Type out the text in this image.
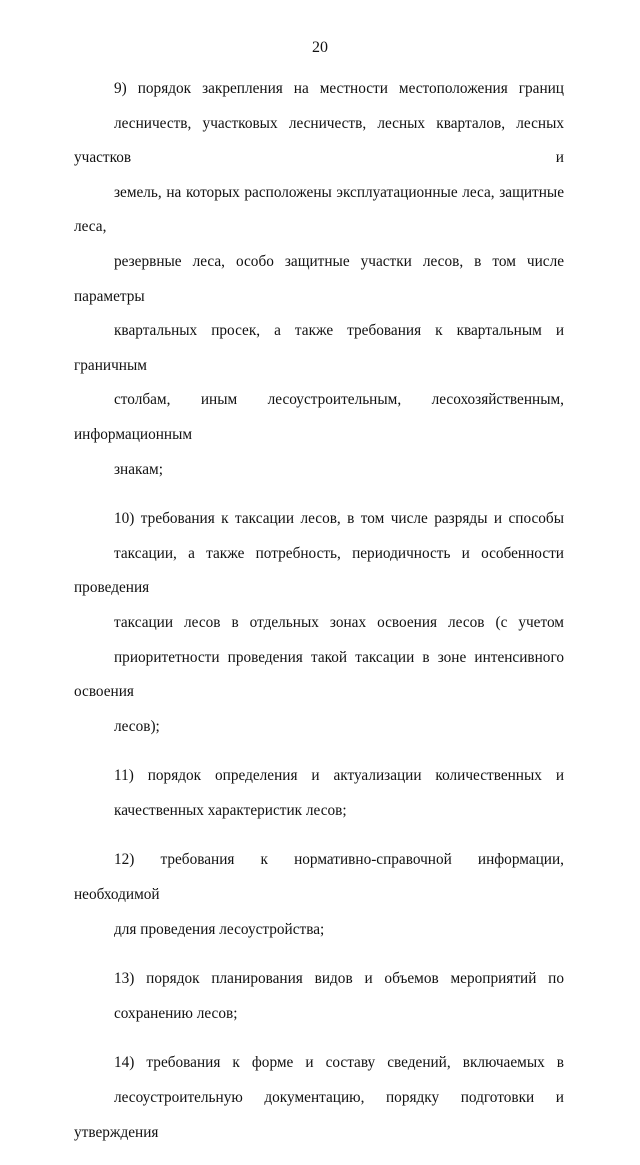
20
9) порядок закрепления на местности местоположения границ
лесничеств, участковых лесничеств, лесных кварталов, лесных участков и
земель, на которых расположены эксплуатационные леса, защитные леса,
резервные леса, особо защитные участки лесов, в том числе параметры
квартальных просек, а также требования к квартальным и граничным
столбам, иным лесоустроительным, лесохозяйственным, информационным
знакам;
10) требования к таксации лесов, в том числе разряды и способы
таксации, а также потребность, периодичность и особенности проведения
таксации лесов в отдельных зонах освоения лесов (с учетом
приоритетности проведения такой таксации в зоне интенсивного освоения
лесов);
11) порядок определения и актуализации количественных и
качественных характеристик лесов;
12) требования к нормативно-справочной информации, необходимой
для проведения лесоустройства;
13) порядок планирования видов и объемов мероприятий по
сохранению лесов;
14) требования к форме и составу сведений, включаемых в
лесоустроительную документацию, порядку подготовки и утверждения
